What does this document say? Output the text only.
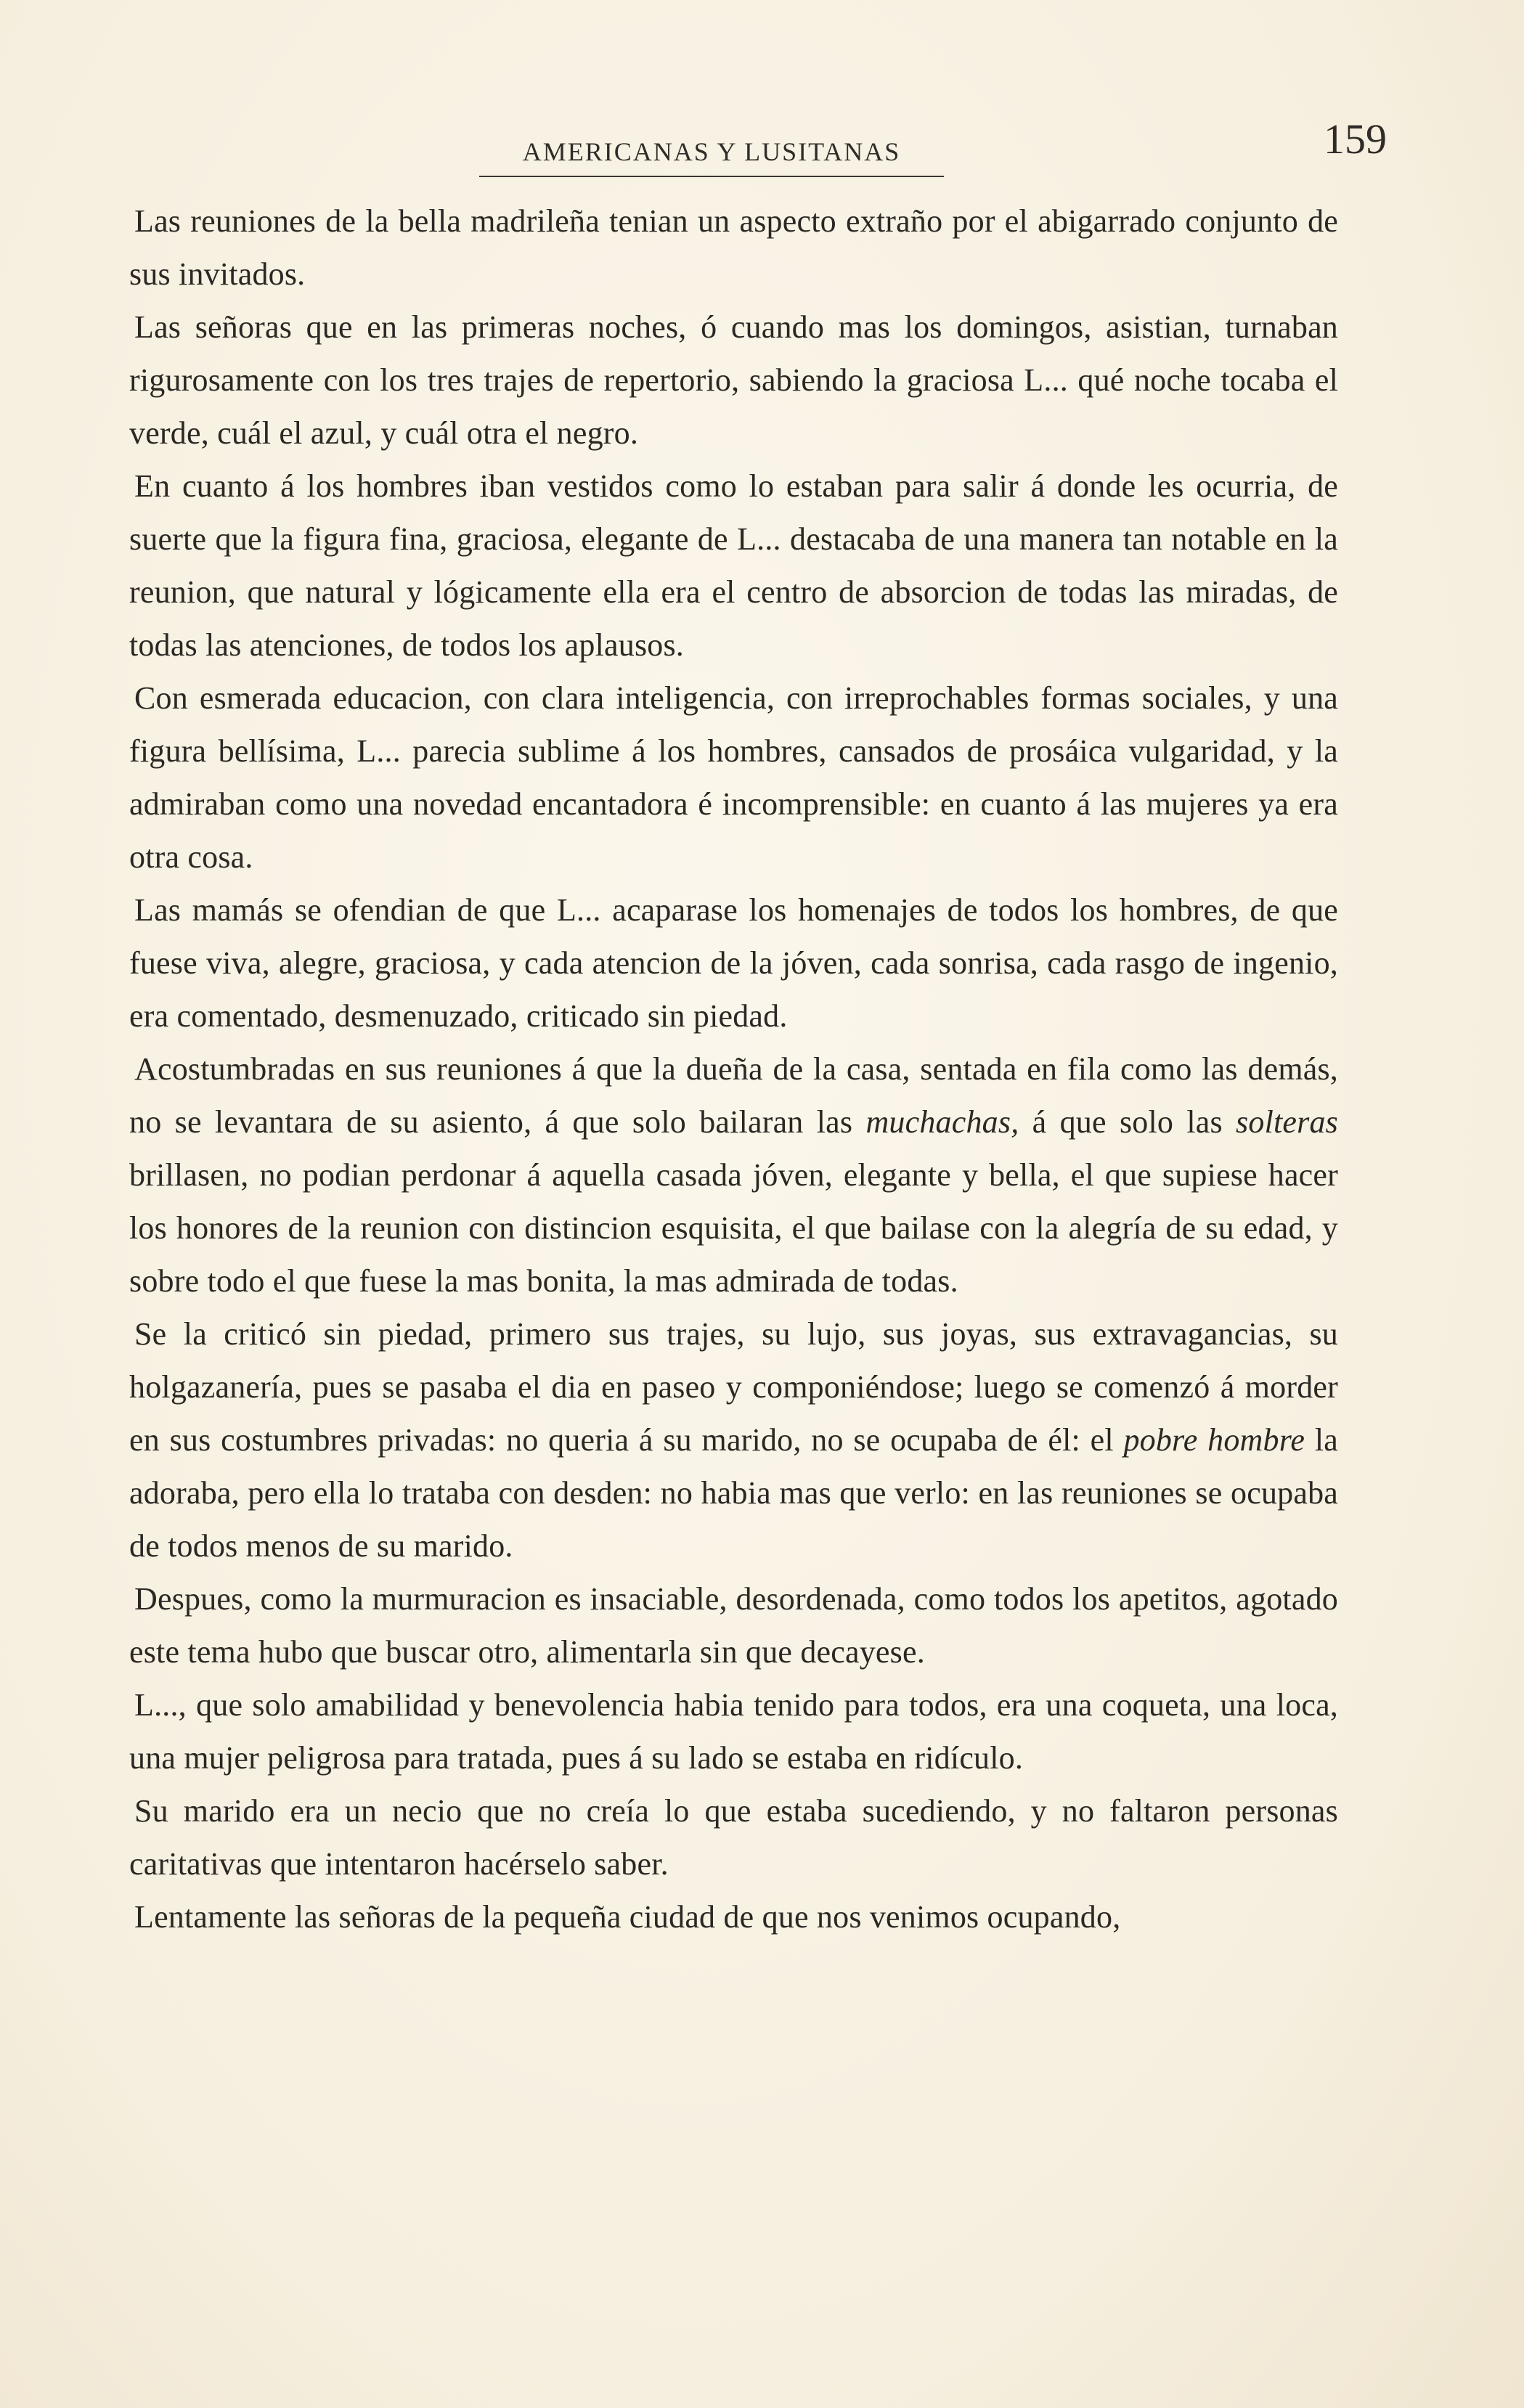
AMERICANAS Y LUSITANAS	159

Las reuniones de la bella madrileña tenian un aspecto extraño por el abigarrado conjunto de sus invitados.

Las señoras que en las primeras noches, ó cuando mas los domingos, asistian, turnaban rigurosamente con los tres trajes de repertorio, sabiendo la graciosa L... qué noche tocaba el verde, cuál el azul, y cuál otra el negro.

En cuanto á los hombres iban vestidos como lo estaban para salir á donde les ocurria, de suerte que la figura fina, graciosa, elegante de L... destacaba de una manera tan notable en la reunion, que natural y lógicamente ella era el centro de absorcion de todas las miradas, de todas las atenciones, de todos los aplausos.

Con esmerada educacion, con clara inteligencia, con irreprochables formas sociales, y una figura bellísima, L... parecia sublime á los hombres, cansados de prosáica vulgaridad, y la admiraban como una novedad encantadora é incomprensible: en cuanto á las mujeres ya era otra cosa.

Las mamás se ofendian de que L... acaparase los homenajes de todos los hombres, de que fuese viva, alegre, graciosa, y cada atencion de la jóven, cada sonrisa, cada rasgo de ingenio, era comentado, desmenuzado, criticado sin piedad.

Acostumbradas en sus reuniones á que la dueña de la casa, sentada en fila como las demás, no se levantara de su asiento, á que solo bailaran las muchachas, á que solo las solteras brillasen, no podian perdonar á aquella casada jóven, elegante y bella, el que supiese hacer los honores de la reunion con distincion esquisita, el que bailase con la alegría de su edad, y sobre todo el que fuese la mas bonita, la mas admirada de todas.

Se la criticó sin piedad, primero sus trajes, su lujo, sus joyas, sus extravagancias, su holgazanería, pues se pasaba el dia en paseo y componiéndose; luego se comenzó á morder en sus costumbres privadas: no queria á su marido, no se ocupaba de él: el pobre hombre la adoraba, pero ella lo trataba con desden: no habia mas que verlo: en las reuniones se ocupaba de todos menos de su marido.

Despues, como la murmuracion es insaciable, desordenada, como todos los apetitos, agotado este tema hubo que buscar otro, alimentarla sin que decayese.

L..., que solo amabilidad y benevolencia habia tenido para todos, era una coqueta, una loca, una mujer peligrosa para tratada, pues á su lado se estaba en ridículo.

Su marido era un necio que no creía lo que estaba sucediendo, y no faltaron personas caritativas que intentaron hacérselo saber.

Lentamente las señoras de la pequeña ciudad de que nos venimos ocupando,
